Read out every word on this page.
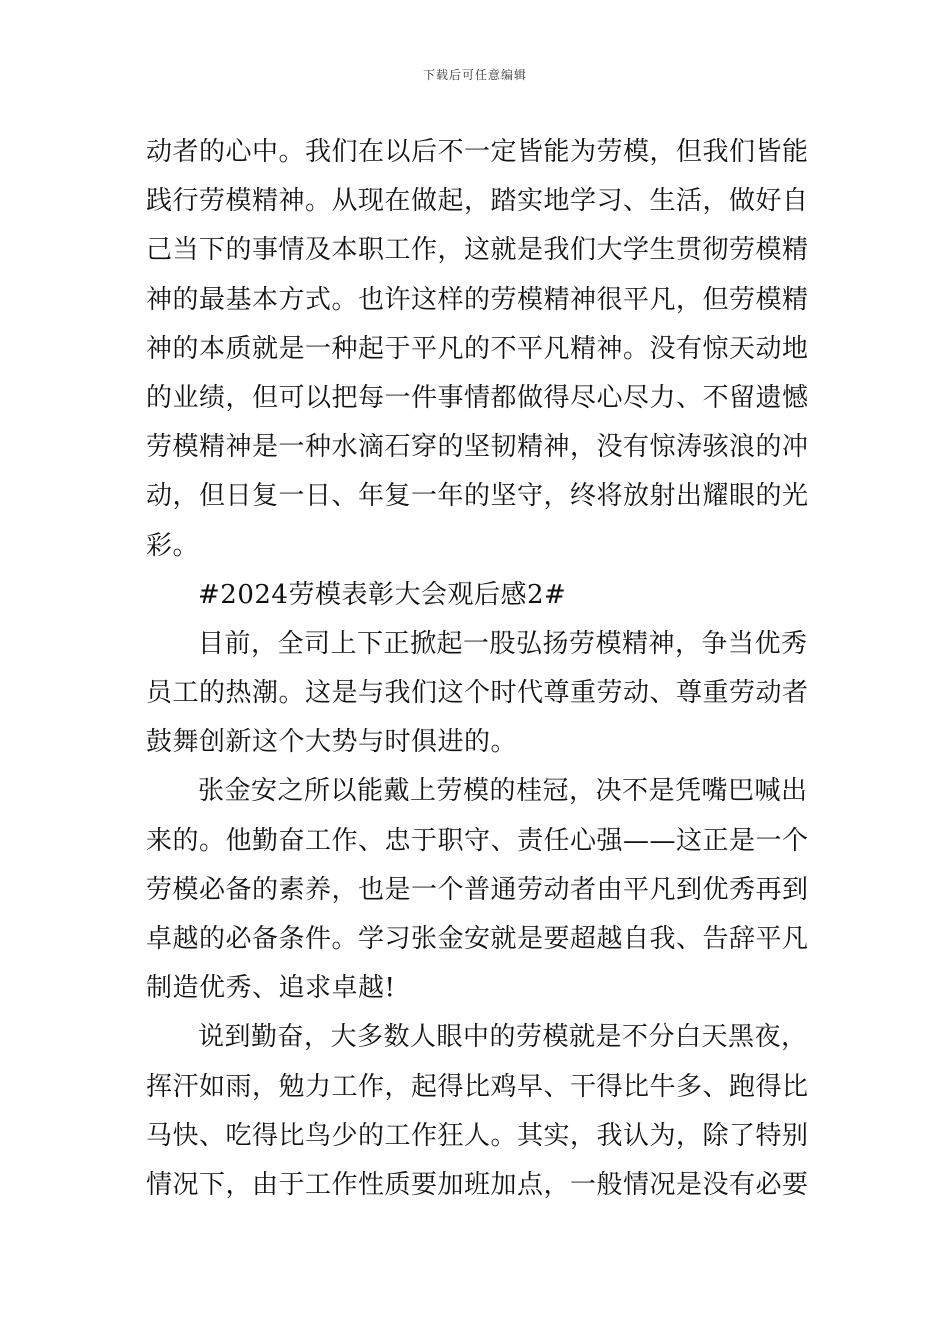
下载后可任意编辑
动者的心中。我们在以后不一定皆能为劳模，但我们皆能
践行劳模精神。从现在做起，踏实地学习、生活，做好自
己当下的事情及本职工作，这就是我们大学生贯彻劳模精
神的最基本方式。也许这样的劳模精神很平凡，但劳模精
神的本质就是一种起于平凡的不平凡精神。没有惊天动地
的业绩，但可以把每一件事情都做得尽心尽力、不留遗憾
劳模精神是一种水滴石穿的坚韧精神，没有惊涛骇浪的冲
动，但日复一日、年复一年的坚守，终将放射出耀眼的光
彩。
#2024劳模表彰大会观后感2#
目前，全司上下正掀起一股弘扬劳模精神，争当优秀
员工的热潮。这是与我们这个时代尊重劳动、尊重劳动者
鼓舞创新这个大势与时俱进的。
张金安之所以能戴上劳模的桂冠，决不是凭嘴巴喊出
来的。他勤奋工作、忠于职守、责任心强——这正是一个
劳模必备的素养，也是一个普通劳动者由平凡到优秀再到
卓越的必备条件。学习张金安就是要超越自我、告辞平凡
制造优秀、追求卓越!
说到勤奋，大多数人眼中的劳模就是不分白天黑夜，
挥汗如雨，勉力工作，起得比鸡早、干得比牛多、跑得比
马快、吃得比鸟少的工作狂人。其实，我认为，除了特别
情况下，由于工作性质要加班加点，一般情况是没有必要
